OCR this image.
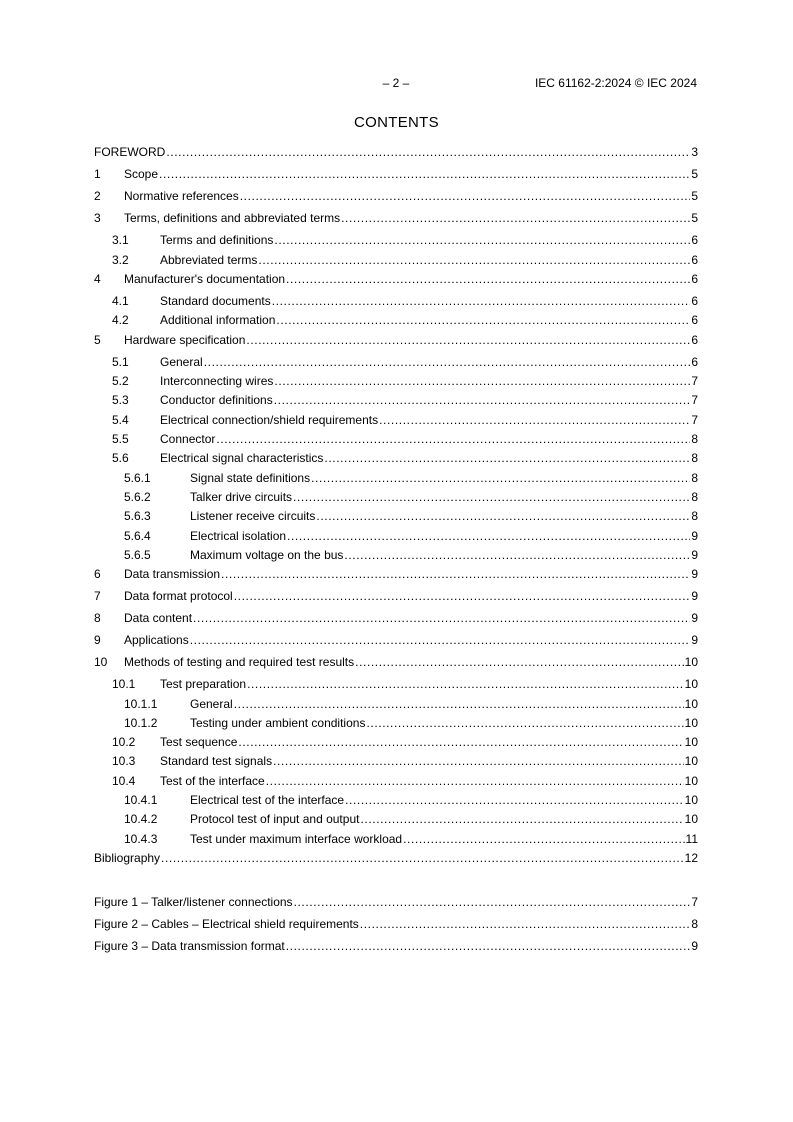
– 2 –	IEC 61162-2:2024 © IEC 2024
CONTENTS
FOREWORD .....	3
1	Scope .....	5
2	Normative references .....	5
3	Terms, definitions and abbreviated terms .....	5
3.1	Terms and definitions .....	6
3.2	Abbreviated terms .....	6
4	Manufacturer's documentation .....	6
4.1	Standard documents .....	6
4.2	Additional information .....	6
5	Hardware specification .....	6
5.1	General .....	6
5.2	Interconnecting wires .....	7
5.3	Conductor definitions .....	7
5.4	Electrical connection/shield requirements .....	7
5.5	Connector .....	8
5.6	Electrical signal characteristics .....	8
5.6.1	Signal state definitions .....	8
5.6.2	Talker drive circuits .....	8
5.6.3	Listener receive circuits .....	8
5.6.4	Electrical isolation .....	9
5.6.5	Maximum voltage on the bus .....	9
6	Data transmission .....	9
7	Data format protocol .....	9
8	Data content .....	9
9	Applications .....	9
10	Methods of testing and required test results .....	10
10.1	Test preparation .....	10
10.1.1	General .....	10
10.1.2	Testing under ambient conditions .....	10
10.2	Test sequence .....	10
10.3	Standard test signals .....	10
10.4	Test of the interface .....	10
10.4.1	Electrical test of the interface .....	10
10.4.2	Protocol test of input and output .....	10
10.4.3	Test under maximum interface workload .....	11
Bibliography .....	12
Figure 1 – Talker/listener connections .....	7
Figure 2 – Cables – Electrical shield requirements .....	8
Figure 3 – Data transmission format .....	9
